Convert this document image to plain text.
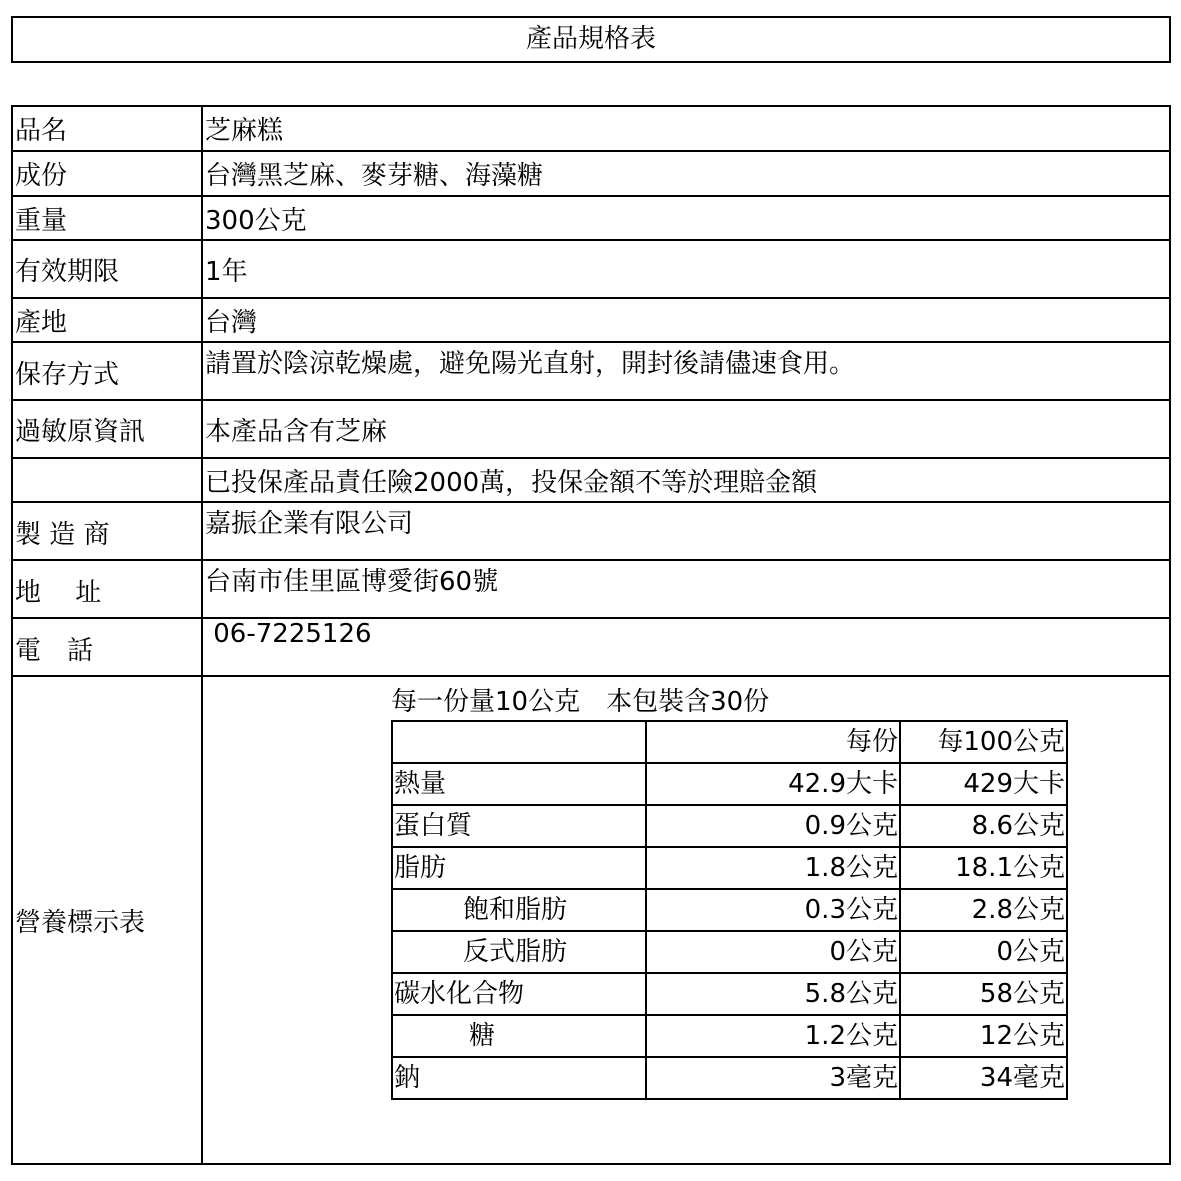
產品規格表
品名	芝麻糕
成份	台灣黑芝麻、麥芽糖、海藻糖
重量	300公克
有效期限	1年
產地	台灣
保存方式	請置於陰涼乾燥處，避免陽光直射，開封後請儘速食用。
過敏原資訊	本產品含有芝麻
	已投保產品責任險2000萬，投保金額不等於理賠金額
製 造 商	嘉振企業有限公司
地　 址	台南市佳里區博愛街60號
電　話	06-7225126
營養標示表	
每一份量10公克　本包裝含30份
	每份	每100公克
熱量	42.9大卡	429大卡
蛋白質	0.9公克	8.6公克
脂肪	1.8公克	18.1公克
飽和脂肪	0.3公克	2.8公克
反式脂肪	0公克	0公克
碳水化合物	5.8公克	58公克
糖	1.2公克	12公克
鈉	3毫克	34毫克
